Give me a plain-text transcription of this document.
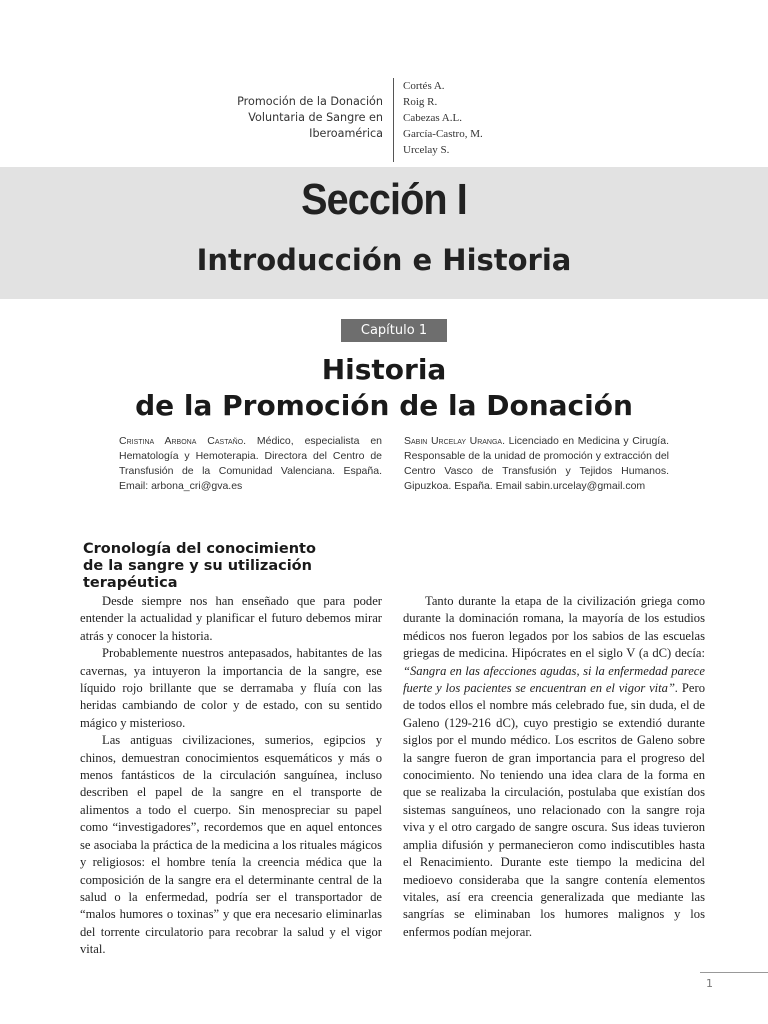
Promoción de la Donación
Voluntaria de Sangre en
Iberoamérica
Cortés A.
Roig R.
Cabezas A.L.
García-Castro, M.
Urcelay S.
Sección I
Introducción e Historia
Capítulo 1
Historia
de la Promoción de la Donación
Cristina Arbona Castaño. Médico, especialista en Hematología y Hemoterapia. Directora del Centro de Transfusión de la Comunidad Valenciana. España. Email: arbona_cri@gva.es
Sabin Urcelay Uranga. Licenciado en Medicina y Cirugía. Responsable de la unidad de promoción y extracción del Centro Vasco de Transfusión y Tejidos Humanos. Gipuzkoa. España. Email sabin.urcelay@gmail.com
Cronología del conocimiento
de la sangre y su utilización terapéutica

Desde siempre nos han enseñado que para poder entender la actualidad y planificar el futuro debemos mirar atrás y conocer la historia.

Probablemente nuestros antepasados, habitantes de las cavernas, ya intuyeron la importancia de la sangre, ese líquido rojo brillante que se derramaba y fluía con las heridas cambiando de color y de estado, con su sentido mágico y misterioso.

Las antiguas civilizaciones, sumerios, egipcios y chinos, demuestran conocimientos esquemáticos y más o menos fantásticos de la circulación sanguínea, incluso describen el papel de la sangre en el transporte de alimentos a todo el cuerpo. Sin menospreciar su papel como “investigadores”, recordemos que en aquel entonces se asociaba la práctica de la medicina a los rituales mágicos y religiosos: el hombre tenía la creencia médica que la composición de la sangre era el determinante central de la salud o la enfermedad, podría ser el transportador de “malos humores o toxinas” y que era necesario eliminarlas del torrente circulatorio para recobrar la salud y el vigor vital.

Tanto durante la etapa de la civilización griega como durante la dominación romana, la mayoría de los estudios médicos nos fueron legados por los sabios de las escuelas griegas de medicina. Hipócrates en el siglo V (a dC) decía: “Sangra en las afecciones agudas, si la enfermedad parece fuerte y los pacientes se encuentran en el vigor vita”. Pero de todos ellos el nombre más celebrado fue, sin duda, el de Galeno (129-216 dC), cuyo prestigio se extendió durante siglos por el mundo médico. Los escritos de Galeno sobre la sangre fueron de gran importancia para el progreso del conocimiento. No teniendo una idea clara de la forma en que se realizaba la circulación, postulaba que existían dos sistemas sanguíneos, uno relacionado con la sangre roja viva y el otro cargado de sangre oscura. Sus ideas tuvieron amplia difusión y permanecieron como indiscutibles hasta el Renacimiento. Durante este tiempo la medicina del medioevo consideraba que la sangre contenía elementos vitales, así era creencia generalizada que mediante las sangrías se eliminaban los humores malignos y los enfermos podían mejorar.

1
